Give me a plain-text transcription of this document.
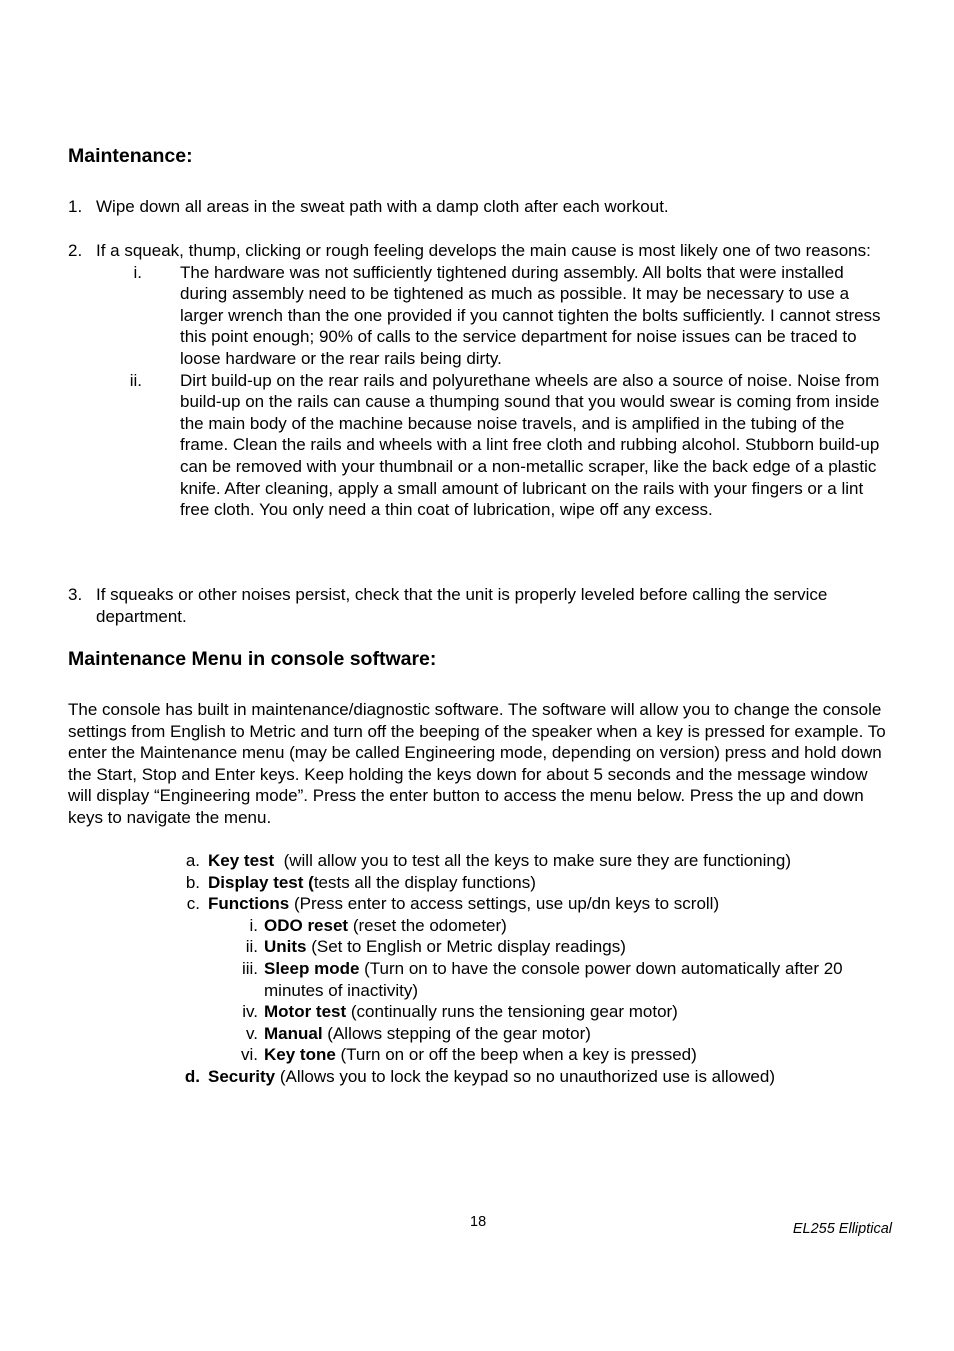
Maintenance:
1. Wipe down all areas in the sweat path with a damp cloth after each workout.
2. If a squeak, thump, clicking or rough feeling develops the main cause is most likely one of two reasons:
i. The hardware was not sufficiently tightened during assembly. All bolts that were installed during assembly need to be tightened as much as possible. It may be necessary to use a larger wrench than the one provided if you cannot tighten the bolts sufficiently. I cannot stress this point enough; 90% of calls to the service department for noise issues can be traced to loose hardware or the rear rails being dirty.
ii. Dirt build-up on the rear rails and polyurethane wheels are also a source of noise. Noise from build-up on the rails can cause a thumping sound that you would swear is coming from inside the main body of the machine because noise travels, and is amplified in the tubing of the frame. Clean the rails and wheels with a lint free cloth and rubbing alcohol. Stubborn build-up can be removed with your thumbnail or a non-metallic scraper, like the back edge of a plastic knife. After cleaning, apply a small amount of lubricant on the rails with your fingers or a lint free cloth. You only need a thin coat of lubrication, wipe off any excess.
3. If squeaks or other noises persist, check that the unit is properly leveled before calling the service department.
Maintenance Menu in console software:
The console has built in maintenance/diagnostic software. The software will allow you to change the console settings from English to Metric and turn off the beeping of the speaker when a key is pressed for example. To enter the Maintenance menu (may be called Engineering mode, depending on version) press and hold down the Start, Stop and Enter keys. Keep holding the keys down for about 5 seconds and the message window will display “Engineering mode”. Press the enter button to access the menu below. Press the up and down keys to navigate the menu.
a. Key test  (will allow you to test all the keys to make sure they are functioning)
b. Display test (tests all the display functions)
c. Functions (Press enter to access settings, use up/dn keys to scroll)
i. ODO reset (reset the odometer)
ii. Units (Set to English or Metric display readings)
iii. Sleep mode (Turn on to have the console power down automatically after 20 minutes of inactivity)
iv. Motor test (continually runs the tensioning gear motor)
v. Manual (Allows stepping of the gear motor)
vi. Key tone (Turn on or off the beep when a key is pressed)
d. Security (Allows you to lock the keypad so no unauthorized use is allowed)
18	EL255 Elliptical
